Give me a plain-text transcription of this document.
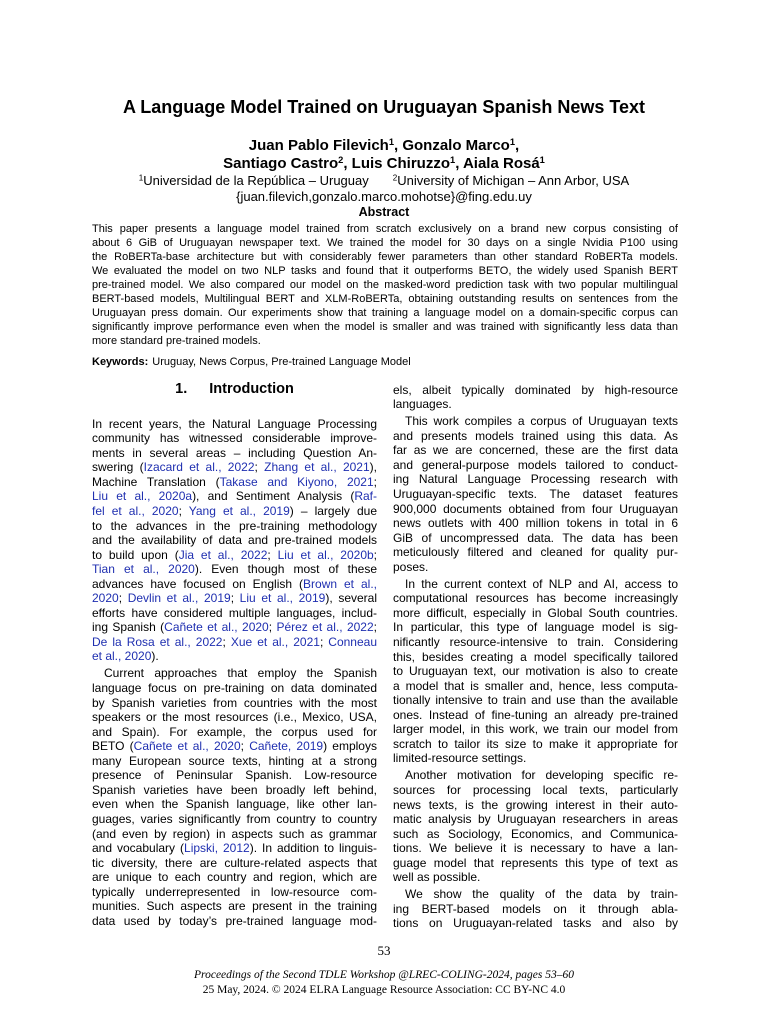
A Language Model Trained on Uruguayan Spanish News Text
Juan Pablo Filevich$^1$, Gonzalo Marco$^1$,
Santiago Castro$^2$, Luis Chiruzzo$^1$, Aiala Rosá$^1$
$^1$Universidad de la República – Uruguay	$^2$University of Michigan – Ann Arbor, USA
{juan.filevich,gonzalo.marco.mohotse}@fing.edu.uy
Abstract
This paper presents a language model trained from scratch exclusively on a brand new corpus consisting of
about 6 GiB of Uruguayan newspaper text. We trained the model for 30 days on a single Nvidia P100 using
the RoBERTa-base architecture but with considerably fewer parameters than other standard RoBERTa models.
We evaluated the model on two NLP tasks and found that it outperforms BETO, the widely used Spanish BERT
pre-trained model. We also compared our model on the masked-word prediction task with two popular multilingual
BERT-based models, Multilingual BERT and XLM-RoBERTa, obtaining outstanding results on sentences from the
Uruguayan press domain. Our experiments show that training a language model on a domain-specific corpus can
significantly improve performance even when the model is smaller and was trained with significantly less data than
more standard pre-trained models.
Keywords: Uruguay, News Corpus, Pre-trained Language Model
1. Introduction
In recent years, the Natural Language Processing
community has witnessed considerable improve-
ments in several areas – including Question An-
swering (Izacard et al., 2022; Zhang et al., 2021),
Machine Translation (Takase and Kiyono, 2021;
Liu et al., 2020a), and Sentiment Analysis (Raf-
fel et al., 2020; Yang et al., 2019) – largely due
to the advances in the pre-training methodology
and the availability of data and pre-trained models
to build upon (Jia et al., 2022; Liu et al., 2020b;
Tian et al., 2020). Even though most of these
advances have focused on English (Brown et al.,
2020; Devlin et al., 2019; Liu et al., 2019), several
efforts have considered multiple languages, includ-
ing Spanish (Cañete et al., 2020; Pérez et al., 2022;
De la Rosa et al., 2022; Xue et al., 2021; Conneau
et al., 2020).
Current approaches that employ the Spanish
language focus on pre-training on data dominated
by Spanish varieties from countries with the most
speakers or the most resources (i.e., Mexico, USA,
and Spain). For example, the corpus used for
BETO (Cañete et al., 2020; Cañete, 2019) employs
many European source texts, hinting at a strong
presence of Peninsular Spanish. Low-resource
Spanish varieties have been broadly left behind,
even when the Spanish language, like other lan-
guages, varies significantly from country to country
(and even by region) in aspects such as grammar
and vocabulary (Lipski, 2012). In addition to linguis-
tic diversity, there are culture-related aspects that
are unique to each country and region, which are
typically underrepresented in low-resource com-
munities. Such aspects are present in the training
data used by today’s pre-trained language mod-
els, albeit typically dominated by high-resource
languages.
This work compiles a corpus of Uruguayan texts
and presents models trained using this data. As
far as we are concerned, these are the first data
and general-purpose models tailored to conduct-
ing Natural Language Processing research with
Uruguayan-specific texts. The dataset features
900,000 documents obtained from four Uruguayan
news outlets with 400 million tokens in total in 6
GiB of uncompressed data. The data has been
meticulously filtered and cleaned for quality pur-
poses.
In the current context of NLP and AI, access to
computational resources has become increasingly
more difficult, especially in Global South countries.
In particular, this type of language model is sig-
nificantly resource-intensive to train. Considering
this, besides creating a model specifically tailored
to Uruguayan text, our motivation is also to create
a model that is smaller and, hence, less computa-
tionally intensive to train and use than the available
ones. Instead of fine-tuning an already pre-trained
larger model, in this work, we train our model from
scratch to tailor its size to make it appropriate for
limited-resource settings.
Another motivation for developing specific re-
sources for processing local texts, particularly
news texts, is the growing interest in their auto-
matic analysis by Uruguayan researchers in areas
such as Sociology, Economics, and Communica-
tions. We believe it is necessary to have a lan-
guage model that represents this type of text as
well as possible.
We show the quality of the data by train-
ing BERT-based models on it through abla-
tions on Uruguayan-related tasks and also by
53
Proceedings of the Second TDLE Workshop @LREC-COLING-2024, pages 53–60
25 May, 2024. © 2024 ELRA Language Resource Association: CC BY-NC 4.0
